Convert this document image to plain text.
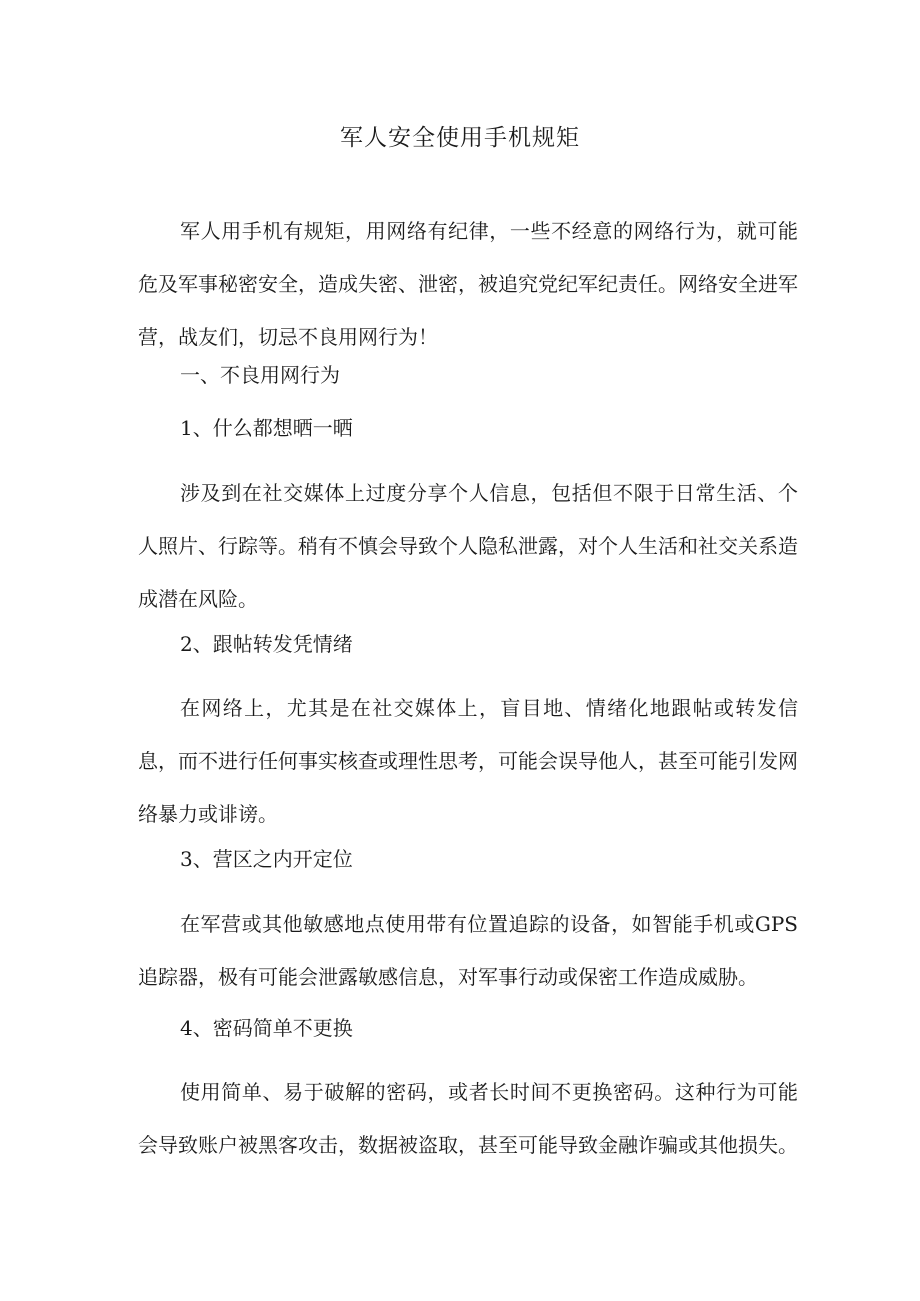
军人安全使用手机规矩

军人用手机有规矩，用网络有纪律，一些不经意的网络行为，就可能危及军事秘密安全，造成失密、泄密，被追究党纪军纪责任。网络安全进军营，战友们，切忌不良用网行为！

一、不良用网行为

1、什么都想晒一晒

涉及到在社交媒体上过度分享个人信息，包括但不限于日常生活、个人照片、行踪等。稍有不慎会导致个人隐私泄露，对个人生活和社交关系造成潜在风险。

2、跟帖转发凭情绪

在网络上，尤其是在社交媒体上，盲目地、情绪化地跟帖或转发信息，而不进行任何事实核查或理性思考，可能会误导他人，甚至可能引发网络暴力或诽谤。

3、营区之内开定位

在军营或其他敏感地点使用带有位置追踪的设备，如智能手机或GPS追踪器，极有可能会泄露敏感信息，对军事行动或保密工作造成威胁。

4、密码简单不更换

使用简单、易于破解的密码，或者长时间不更换密码。这种行为可能会导致账户被黑客攻击，数据被盗取，甚至可能导致金融诈骗或其他损失。
